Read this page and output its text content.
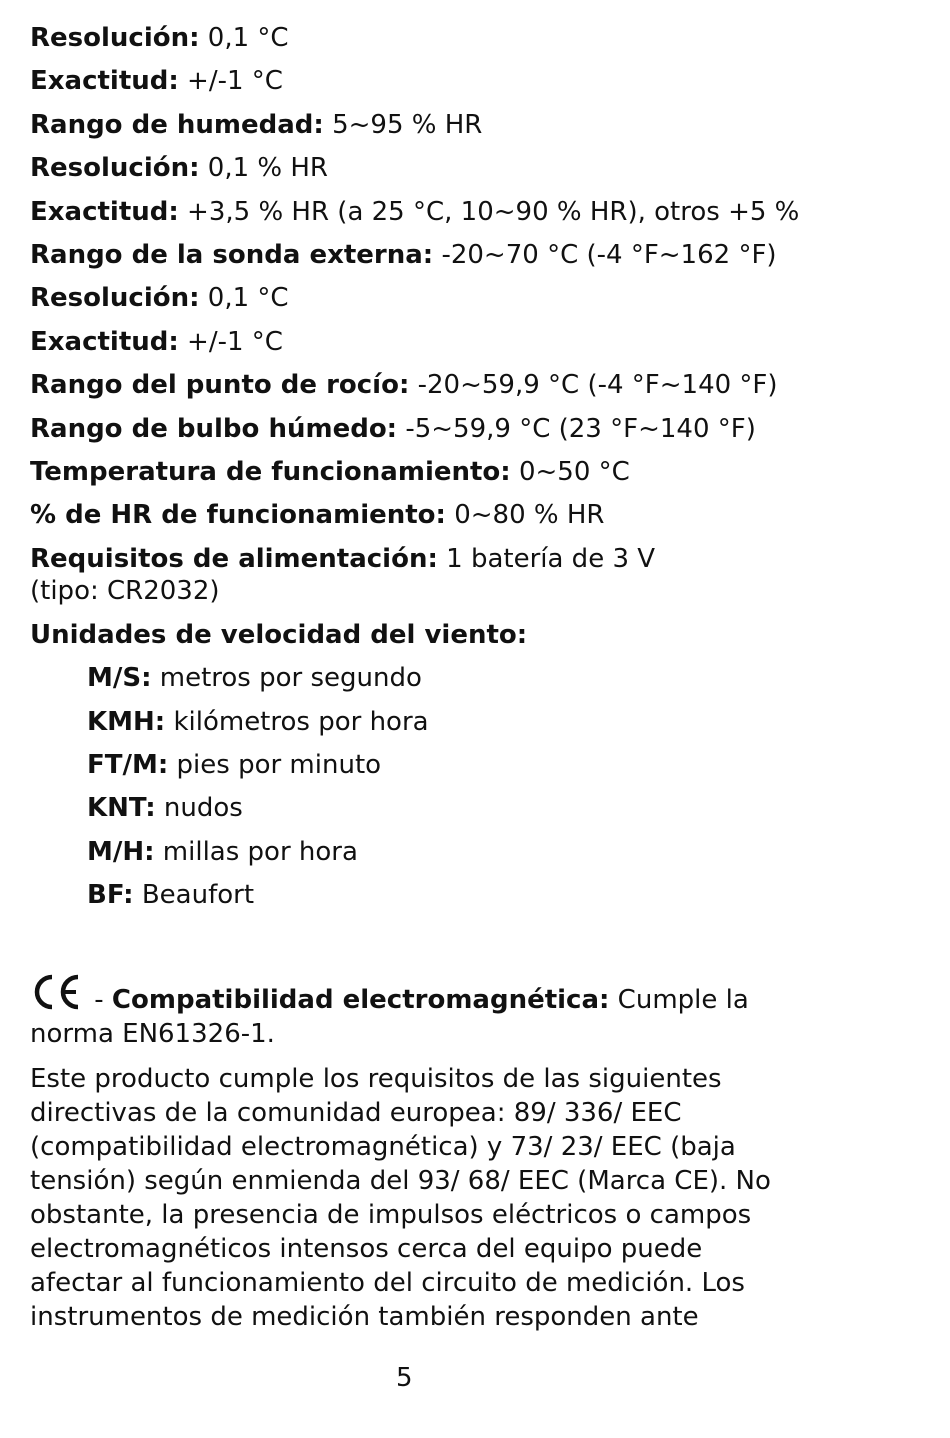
Resolución: 0,1 °C
Exactitud: +/-1 °C
Rango de humedad: 5~95 % HR
Resolución: 0,1 % HR
Exactitud: +3,5 % HR (a 25 °C, 10~90 % HR), otros +5 %
Rango de la sonda externa: -20~70 °C (-4 °F~162 °F)
Resolución: 0,1 °C
Exactitud: +/-1 °C
Rango del punto de rocío: -20~59,9 °C (-4 °F~140 °F)
Rango de bulbo húmedo: -5~59,9 °C (23 °F~140 °F)
Temperatura de funcionamiento: 0~50 °C
% de HR de funcionamiento: 0~80 % HR
Requisitos de alimentación: 1 batería de 3 V
(tipo: CR2032)
Unidades de velocidad del viento:
M/S: metros por segundo
KMH: kilómetros por hora
FT/M: pies por minuto
KNT: nudos
M/H: millas por hora
BF: Beaufort
- Compatibilidad electromagnética: Cumple la norma EN61326-1.
Este producto cumple los requisitos de las siguientes directivas de la comunidad europea: 89/ 336/ EEC (compatibilidad electromagnética) y 73/ 23/ EEC (baja tensión) según enmienda del 93/ 68/ EEC (Marca CE). No obstante, la presencia de impulsos eléctricos o campos electromagnéticos intensos cerca del equipo puede afectar al funcionamiento del circuito de medición. Los instrumentos de medición también responden ante
5
